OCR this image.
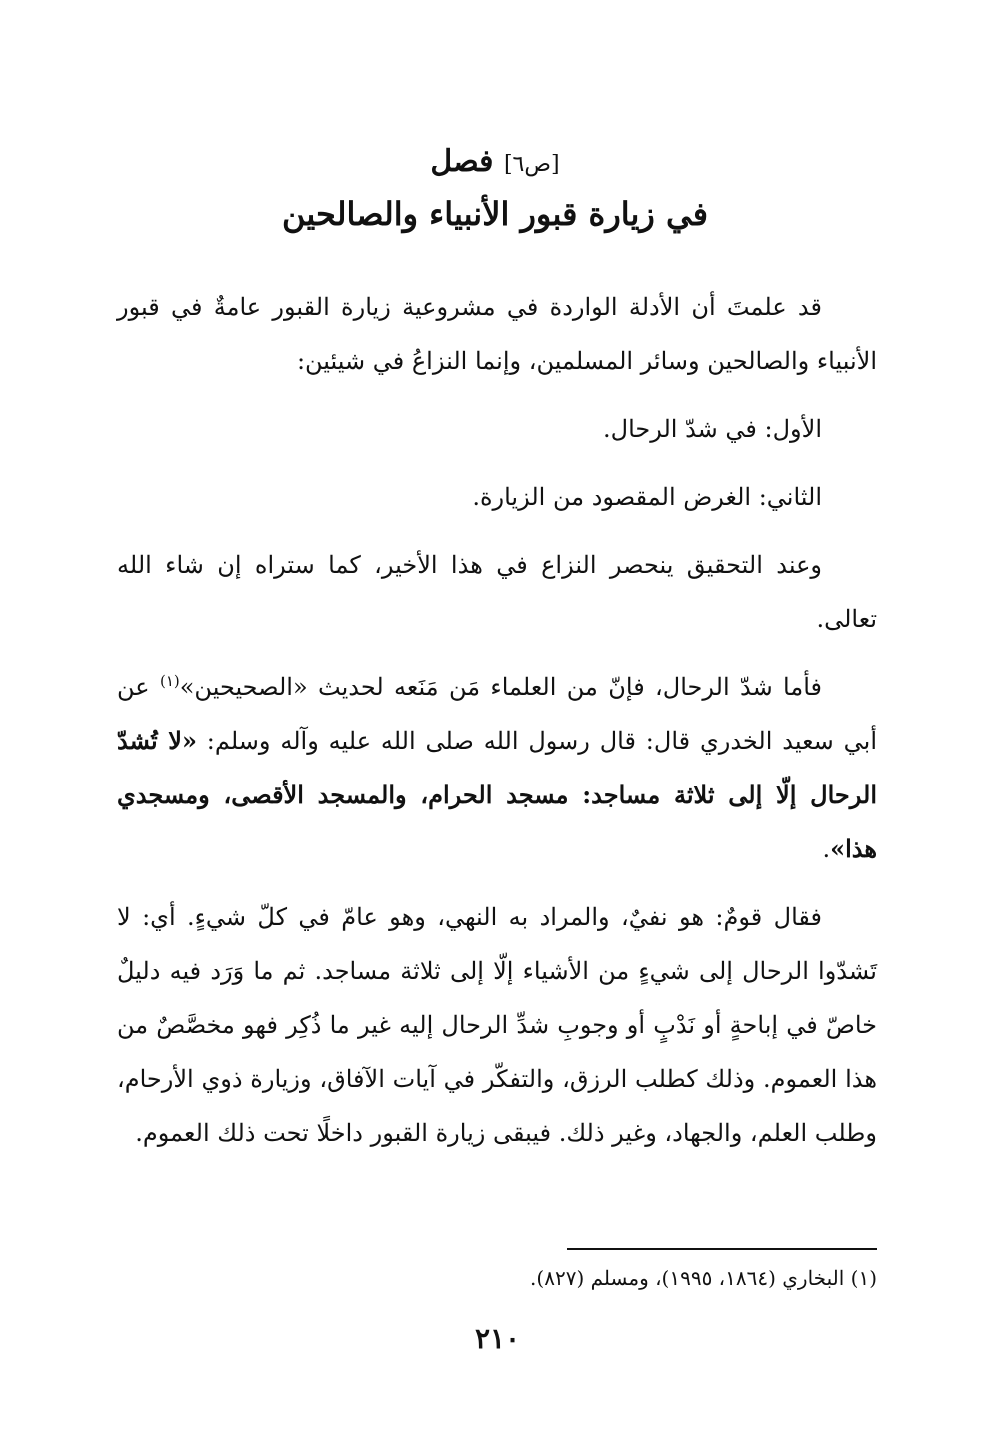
[ص٦] فصل
في زيارة قبور الأنبياء والصالحين

قد علمتَ أن الأدلة الواردة في مشروعية زيارة القبور عامةٌ في قبور الأنبياء والصالحين وسائر المسلمين، وإنما النزاعُ في شيئين:

الأول: في شدّ الرحال.

الثاني: الغرض المقصود من الزيارة.

وعند التحقيق ينحصر النزاع في هذا الأخير، كما ستراه إن شاء الله تعالى.

فأما شدّ الرحال، فإنّ من العلماء مَن مَنَعه لحديث «الصحيحين»$^{(١)}$ عن أبي سعيد الخدري قال: قال رسول الله صلى الله عليه وآله وسلم: «لا تُشدّ الرحال إلّا إلى ثلاثة مساجد: مسجد الحرام، والمسجد الأقصى، ومسجدي هذا».

فقال قومٌ: هو نفيٌ، والمراد به النهي، وهو عامّ في كلّ شيءٍ. أي: لا تَشدّوا الرحال إلى شيءٍ من الأشياء إلّا إلى ثلاثة مساجد. ثم ما وَرَد فيه دليلٌ خاصّ في إباحةٍ أو نَدْبٍ أو وجوبِ شدِّ الرحال إليه غير ما ذُكِر فهو مخصَّصٌ من هذا العموم. وذلك كطلب الرزق، والتفكّر في آيات الآفاق، وزيارة ذوي الأرحام، وطلب العلم، والجهاد، وغير ذلك. فيبقى زيارة القبور داخلًا تحت ذلك العموم.

(١) البخاري (١٨٦٤، ١٩٩٥)، ومسلم (٨٢٧).
٢١٠
